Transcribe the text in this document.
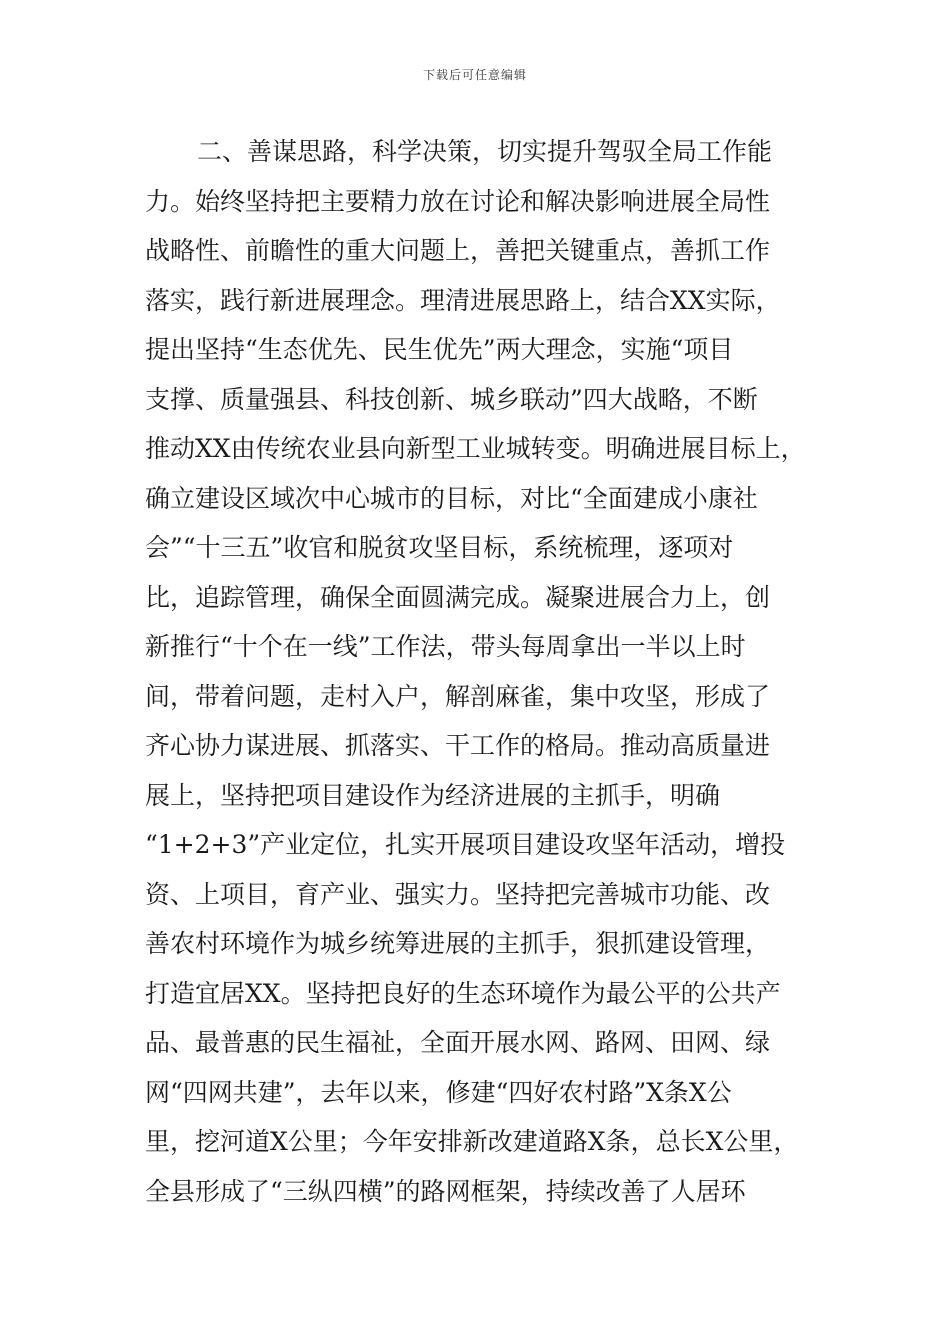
下载后可任意编辑
二、善谋思路，科学决策，切实提升驾驭全局工作能
力。始终坚持把主要精力放在讨论和解决影响进展全局性
战略性、前瞻性的重大问题上，善把关键重点，善抓工作
落实，践行新进展理念。理清进展思路上，结合XX实际，
提出坚持“生态优先、民生优先”两大理念，实施“项目
支撑、质量强县、科技创新、城乡联动”四大战略，不断
推动XX由传统农业县向新型工业城转变。明确进展目标上，
确立建设区域次中心城市的目标，对比“全面建成小康社
会”“十三五”收官和脱贫攻坚目标，系统梳理，逐项对
比，追踪管理，确保全面圆满完成。凝聚进展合力上，创
新推行“十个在一线”工作法，带头每周拿出一半以上时
间，带着问题，走村入户，解剖麻雀，集中攻坚，形成了
齐心协力谋进展、抓落实、干工作的格局。推动高质量进
展上，坚持把项目建设作为经济进展的主抓手，明确
“1+2+3”产业定位，扎实开展项目建设攻坚年活动，增投
资、上项目，育产业、强实力。坚持把完善城市功能、改
善农村环境作为城乡统筹进展的主抓手，狠抓建设管理，
打造宜居XX。坚持把良好的生态环境作为最公平的公共产
品、最普惠的民生福祉，全面开展水网、路网、田网、绿
网“四网共建”，去年以来，修建“四好农村路”X条X公
里，挖河道X公里；今年安排新改建道路X条，总长X公里，
全县形成了“三纵四横”的路网框架，持续改善了人居环
